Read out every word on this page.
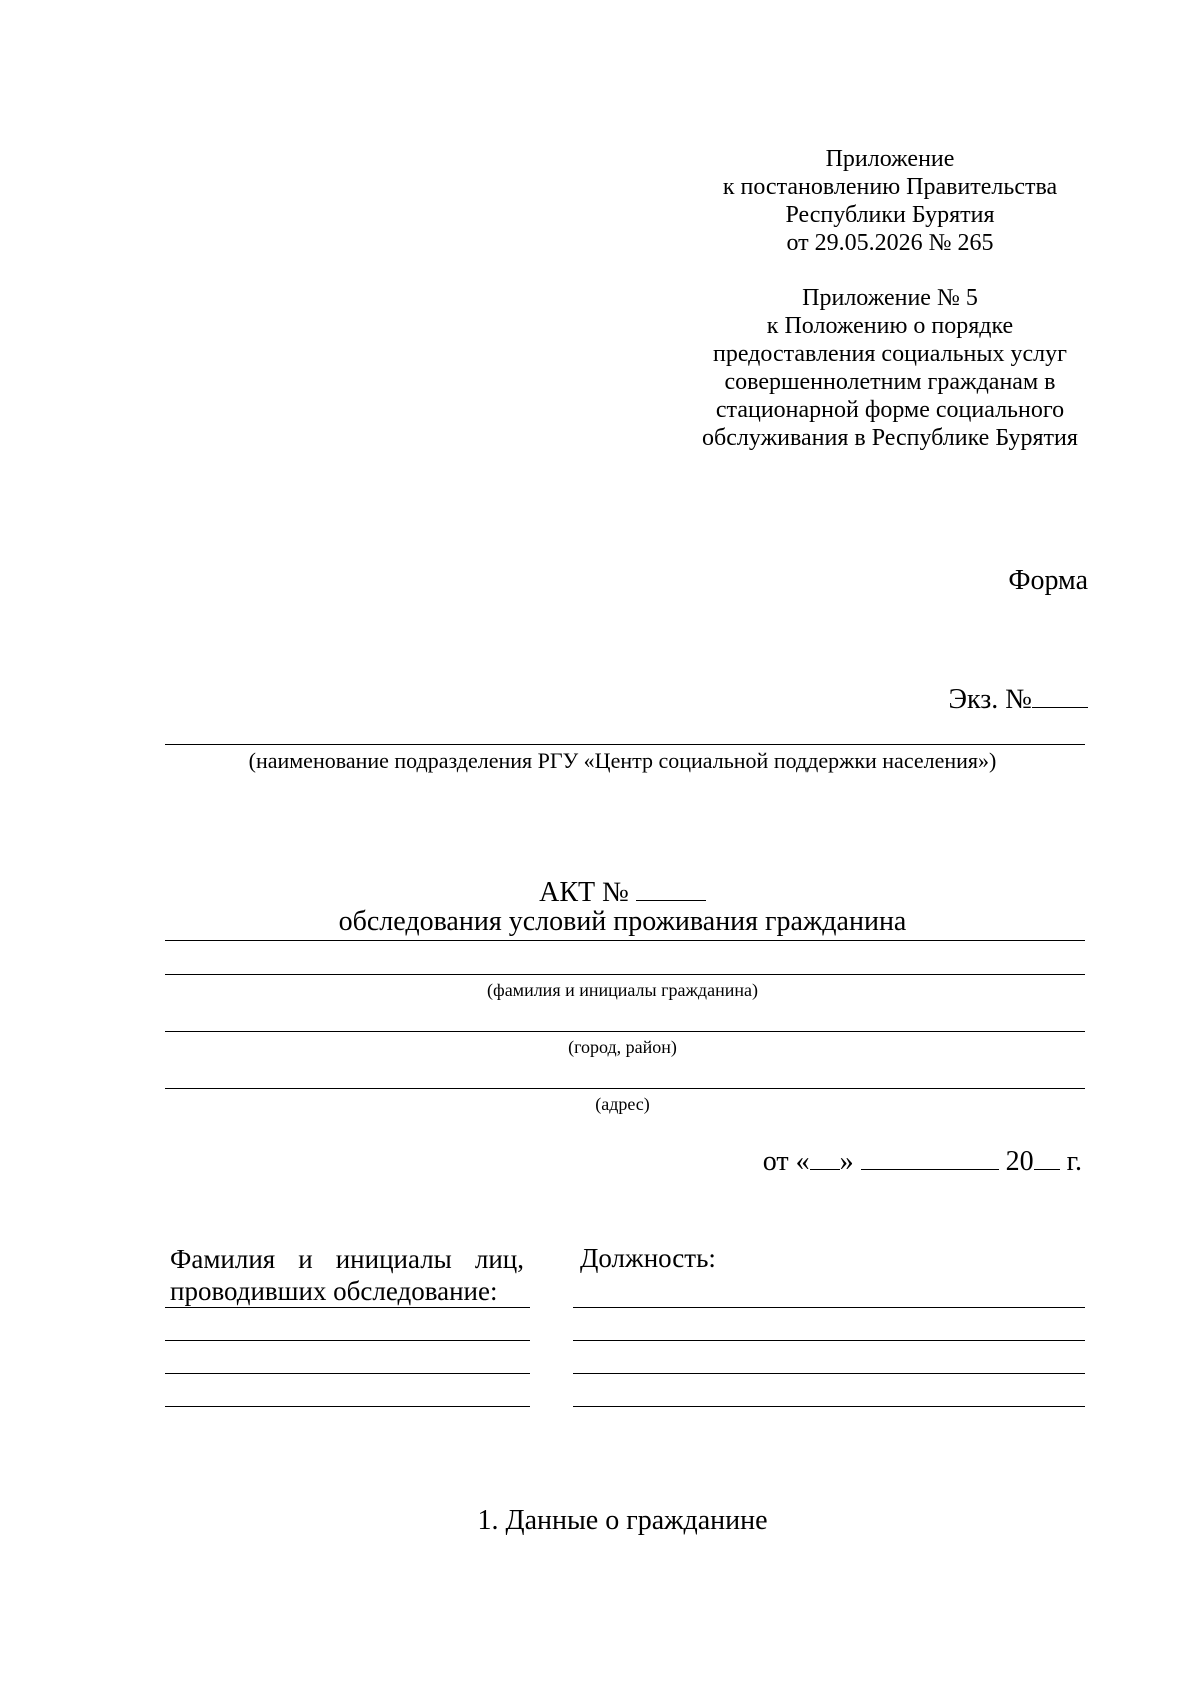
Приложение
к постановлению Правительства
Республики Бурятия
от 29.05.2026 № 265
Приложение № 5
к Положению о порядке
предоставления социальных услуг
совершеннолетним гражданам в
стационарной форме социального
обслуживания в Республике Бурятия
Форма
Экз. №
(наименование подразделения РГУ «Центр социальной поддержки населения»)
АКТ №
обследования условий проживания гражданина
(фамилия и инициалы гражданина)
(город, район)
(адрес)
от « »	20 г.
Фамилия и инициалы лиц, проводивших обследование:
Должность:
1. Данные о гражданине
